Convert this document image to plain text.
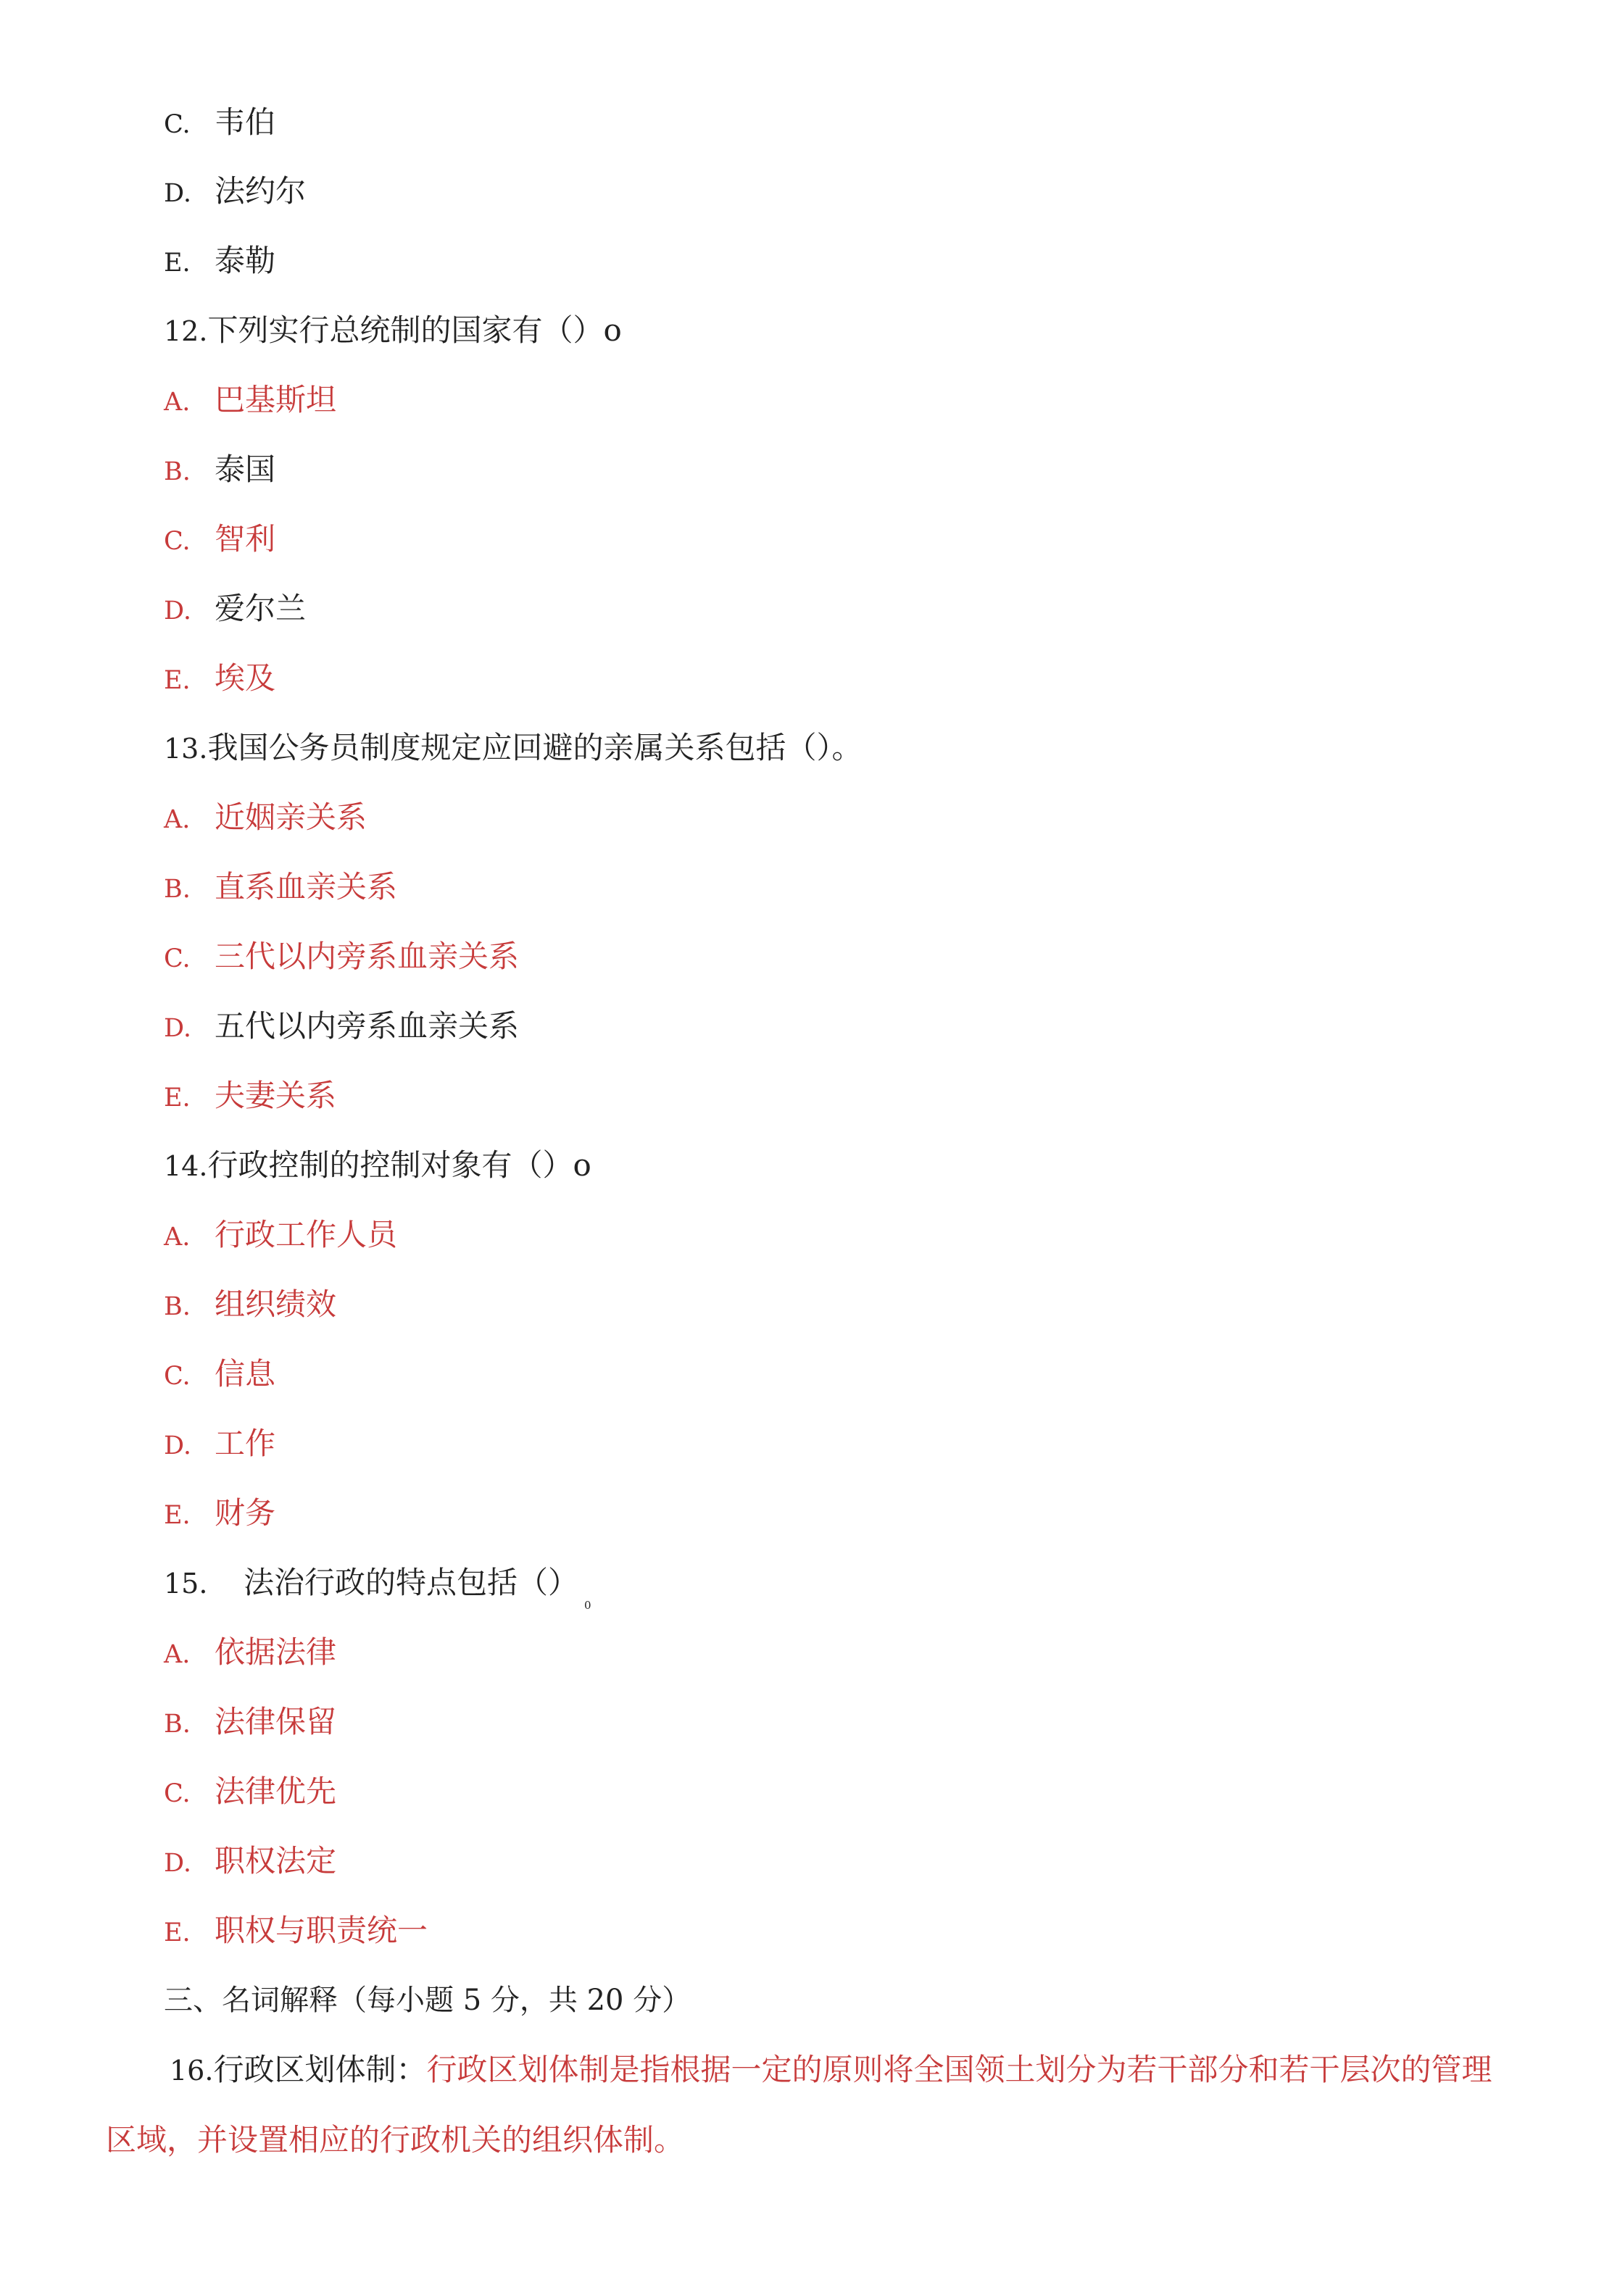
C. 韦伯
D. 法约尔
E. 泰勒
12.下列实行总统制的国家有（）o
A. 巴基斯坦
B. 泰国
C. 智利
D. 爱尔兰
E. 埃及
13.我国公务员制度规定应回避的亲属关系包括（）。
A. 近姻亲关系
B. 直系血亲关系
C. 三代以内旁系血亲关系
D. 五代以内旁系血亲关系
E. 夫妻关系
14.行政控制的控制对象有（）o
A. 行政工作人员
B. 组织绩效
C. 信息
D. 工作
E. 财务
15. 法治行政的特点包括$()_0$
A. 依据法律
B. 法律保留
C. 法律优先
D. 职权法定
E. 职权与职责统一
三、名词解释（每小题 5 分，共 20 分）
16.行政区划体制：行政区划体制是指根据一定的原则将全国领土划分为若干部分和若干层次的管理区域，并设置相应的行政机关的组织体制。
